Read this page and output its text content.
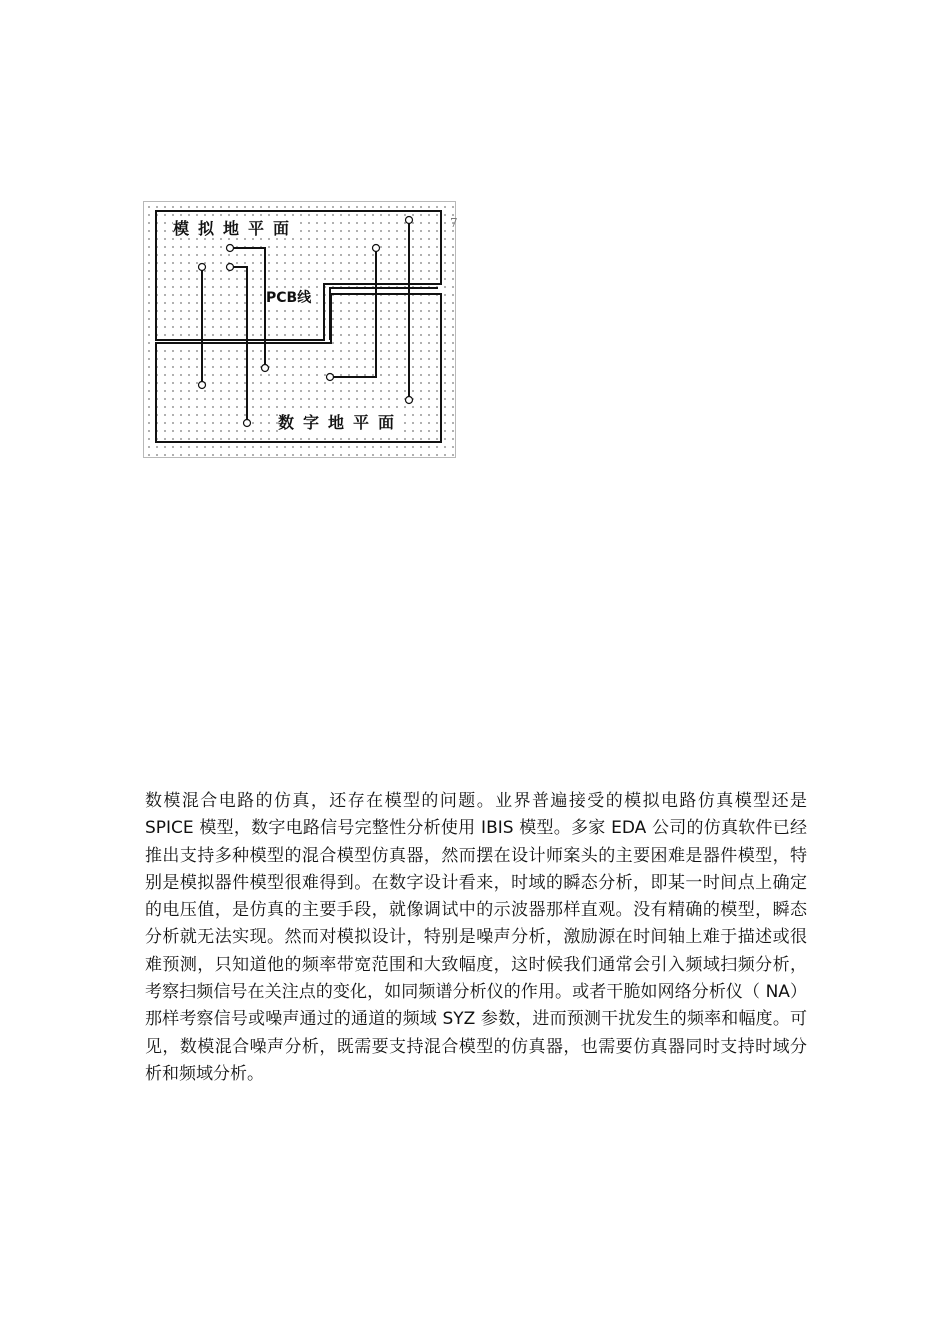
模拟地平面
数字地平面
PCB线
7

数模混合电路的仿真，还存在模型的问题。业界普遍接受的模拟电路仿真模型还是 SPICE 模型，数字电路信号完整性分析使用 IBIS 模型。多家 EDA 公司的仿真软件已经推出支持多种模型的混合模型仿真器，然而摆在设计师案头的主要困难是器件模型，特别是模拟器件模型很难得到。在数字设计看来，时域的瞬态分析，即某一时间点上确定的电压值，是仿真的主要手段，就像调试中的示波器那样直观。没有精确的模型，瞬态分析就无法实现。然而对模拟设计，特别是噪声分析，激励源在时间轴上难于描述或很难预测，只知道他的频率带宽范围和大致幅度，这时候我们通常会引入频域扫频分析，考察扫频信号在关注点的变化，如同频谱分析仪的作用。或者干脆如网络分析仪（ NA）那样考察信号或噪声通过的通道的频域 SYZ 参数，进而预测干扰发生的频率和幅度。可见，数模混合噪声分析，既需要支持混合模型的仿真器，也需要仿真器同时支持时域分析和频域分析。
